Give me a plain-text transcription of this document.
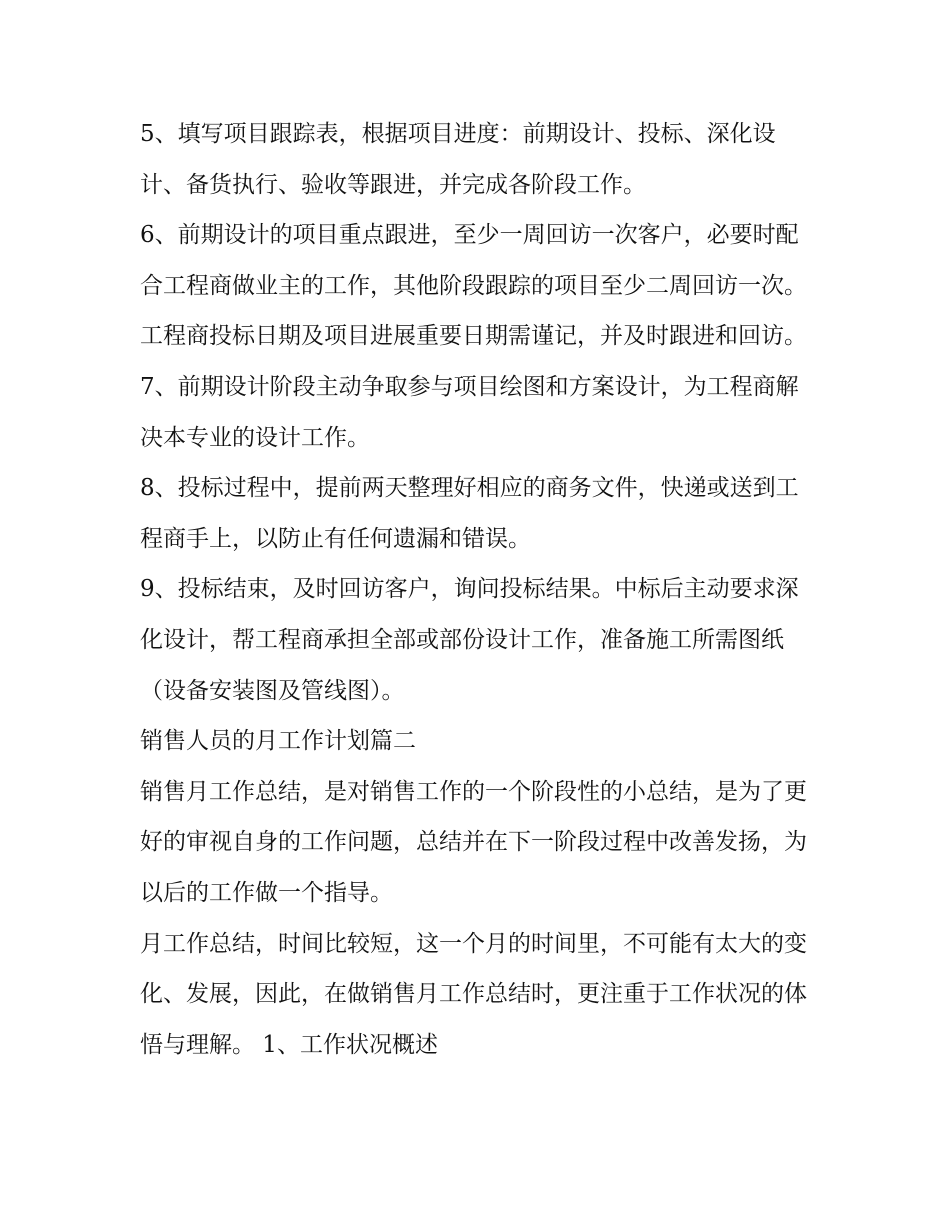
5、填写项目跟踪表，根据项目进度：前期设计、投标、深化设计、备货执行、验收等跟进，并完成各阶段工作。

6、前期设计的项目重点跟进，至少一周回访一次客户，必要时配合工程商做业主的工作，其他阶段跟踪的项目至少二周回访一次。工程商投标日期及项目进展重要日期需谨记，并及时跟进和回访。

7、前期设计阶段主动争取参与项目绘图和方案设计，为工程商解决本专业的设计工作。

8、投标过程中，提前两天整理好相应的商务文件，快递或送到工程商手上，以防止有任何遗漏和错误。

9、投标结束，及时回访客户，询问投标结果。中标后主动要求深化设计，帮工程商承担全部或部份设计工作，准备施工所需图纸（设备安装图及管线图）。

销售人员的月工作计划篇二

销售月工作总结，是对销售工作的一个阶段性的小总结，是为了更好的审视自身的工作问题，总结并在下一阶段过程中改善发扬，为以后的工作做一个指导。

月工作总结，时间比较短，这一个月的时间里，不可能有太大的变化、发展，因此，在做销售月工作总结时，更注重于工作状况的体悟与理解。 1、工作状况概述
